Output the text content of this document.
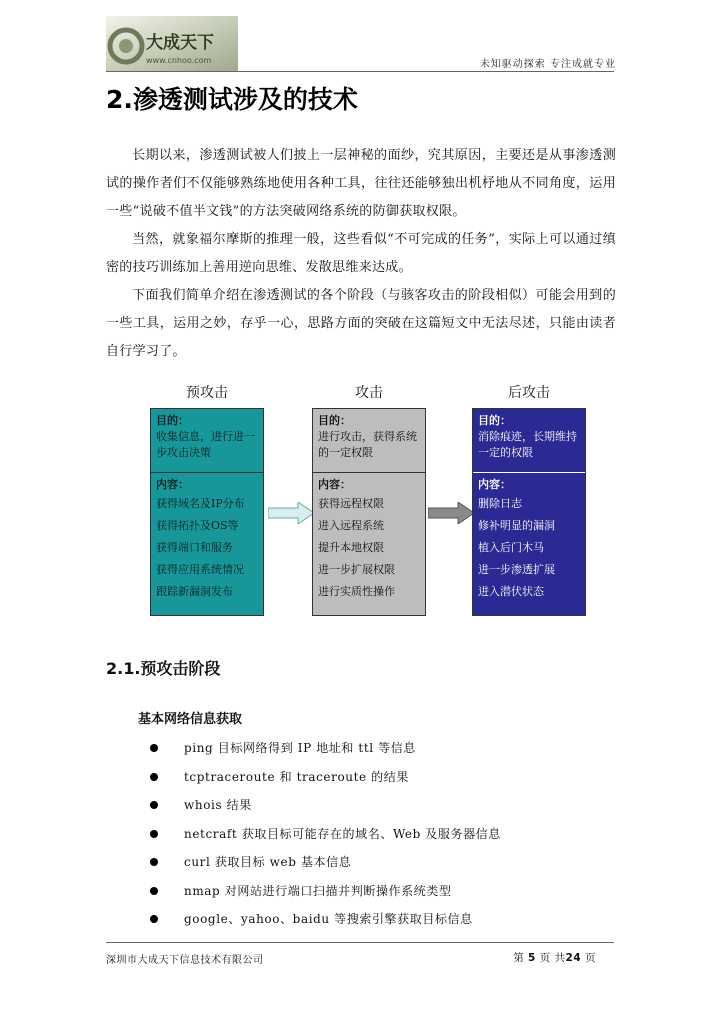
大成天下
www.cnhoo.com	未知驱动探索 专注成就专业
2.渗透测试涉及的技术

长期以来，渗透测试被人们披上一层神秘的面纱，究其原因，主要还是从事渗透测试的操作者们不仅能够熟练地使用各种工具，往往还能够独出机杼地从不同角度，运用一些“说破不值半文钱”的方法突破网络系统的防御获取权限。

当然，就象福尔摩斯的推理一般，这些看似“不可完成的任务”，实际上可以通过缜密的技巧训练加上善用逆向思维、发散思维来达成。

下面我们简单介绍在渗透测试的各个阶段（与骇客攻击的阶段相似）可能会用到的一些工具，运用之妙，存乎一心，思路方面的突破在这篇短文中无法尽述，只能由读者自行学习了。

预攻击	攻击	后攻击

目的：

收集信息，进行进一步攻击决策

内容：

获得域名及IP分布

获得拓扑及OS等

获得端口和服务

获得应用系统情况

跟踪新漏洞发布

目的：

进行攻击，获得系统的一定权限

内容：

获得远程权限

进入远程系统

提升本地权限

进一步扩展权限

进行实质性操作

目的：

消除痕迹，长期维持一定的权限

内容：

删除日志

修补明显的漏洞

植入后门木马

进一步渗透扩展

进入潜伏状态

2.1.预攻击阶段
基本网络信息获取
ping 目标网络得到 IP 地址和 ttl 等信息
tcptraceroute 和 traceroute 的结果
whois 结果
netcraft 获取目标可能存在的域名、Web 及服务器信息
curl 获取目标 web 基本信息
nmap 对网站进行端口扫描并判断操作系统类型
google、yahoo、baidu 等搜索引擎获取目标信息
深圳市大成天下信息技术有限公司	第 5 页 共24 页
